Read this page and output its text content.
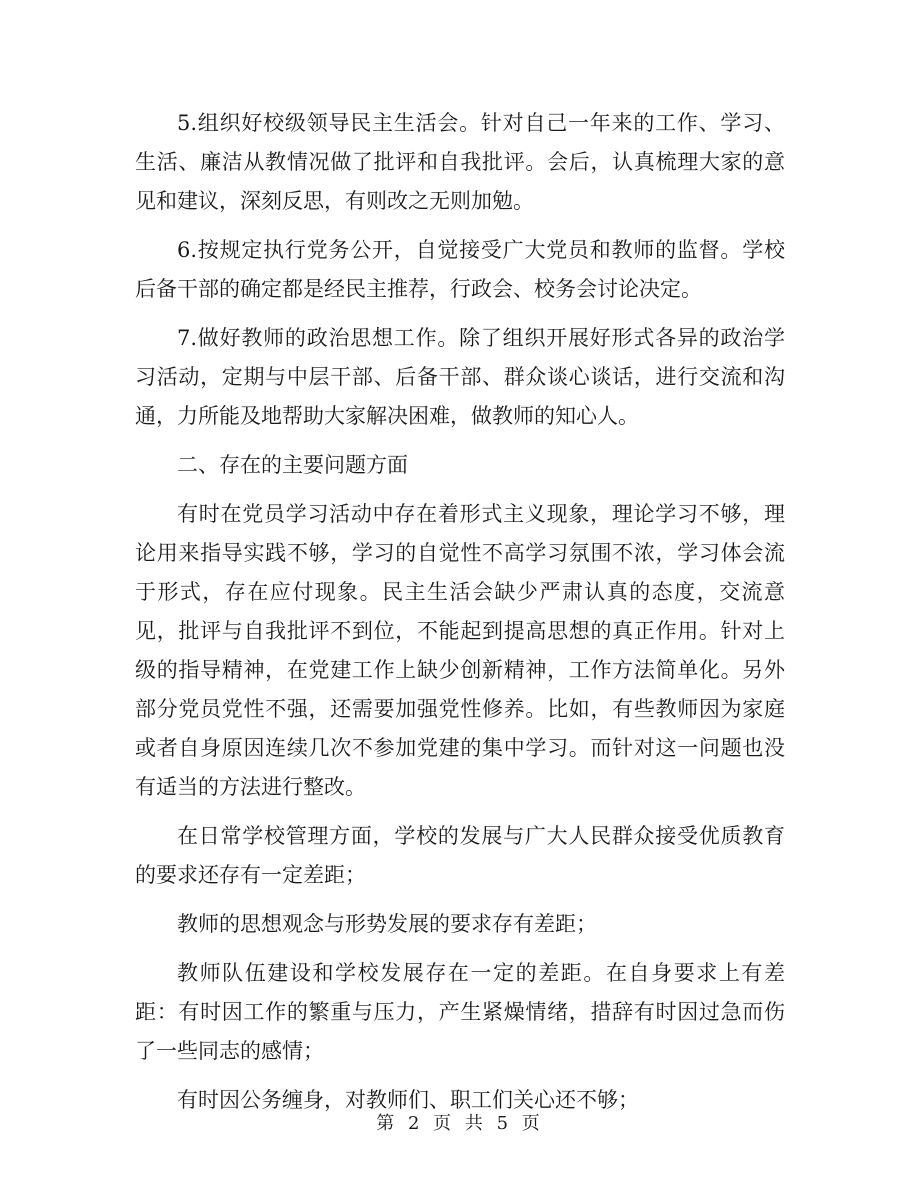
5.组织好校级领导民主生活会。针对自己一年来的工作、学习、生活、廉洁从教情况做了批评和自我批评。会后，认真梳理大家的意见和建议，深刻反思，有则改之无则加勉。

6.按规定执行党务公开，自觉接受广大党员和教师的监督。学校后备干部的确定都是经民主推荐，行政会、校务会讨论决定。

7.做好教师的政治思想工作。除了组织开展好形式各异的政治学习活动，定期与中层干部、后备干部、群众谈心谈话，进行交流和沟通，力所能及地帮助大家解决困难，做教师的知心人。

二、存在的主要问题方面

有时在党员学习活动中存在着形式主义现象，理论学习不够，理论用来指导实践不够，学习的自觉性不高学习氛围不浓，学习体会流于形式，存在应付现象。民主生活会缺少严肃认真的态度，交流意见，批评与自我批评不到位，不能起到提高思想的真正作用。针对上级的指导精神，在党建工作上缺少创新精神，工作方法简单化。另外部分党员党性不强，还需要加强党性修养。比如，有些教师因为家庭或者自身原因连续几次不参加党建的集中学习。而针对这一问题也没有适当的方法进行整改。

在日常学校管理方面，学校的发展与广大人民群众接受优质教育的要求还存有一定差距；

教师的思想观念与形势发展的要求存有差距；

教师队伍建设和学校发展存在一定的差距。在自身要求上有差距：有时因工作的繁重与压力，产生紧燥情绪，措辞有时因过急而伤了一些同志的感情；

有时因公务缠身，对教师们、职工们关心还不够；

第 2 页 共 5 页
